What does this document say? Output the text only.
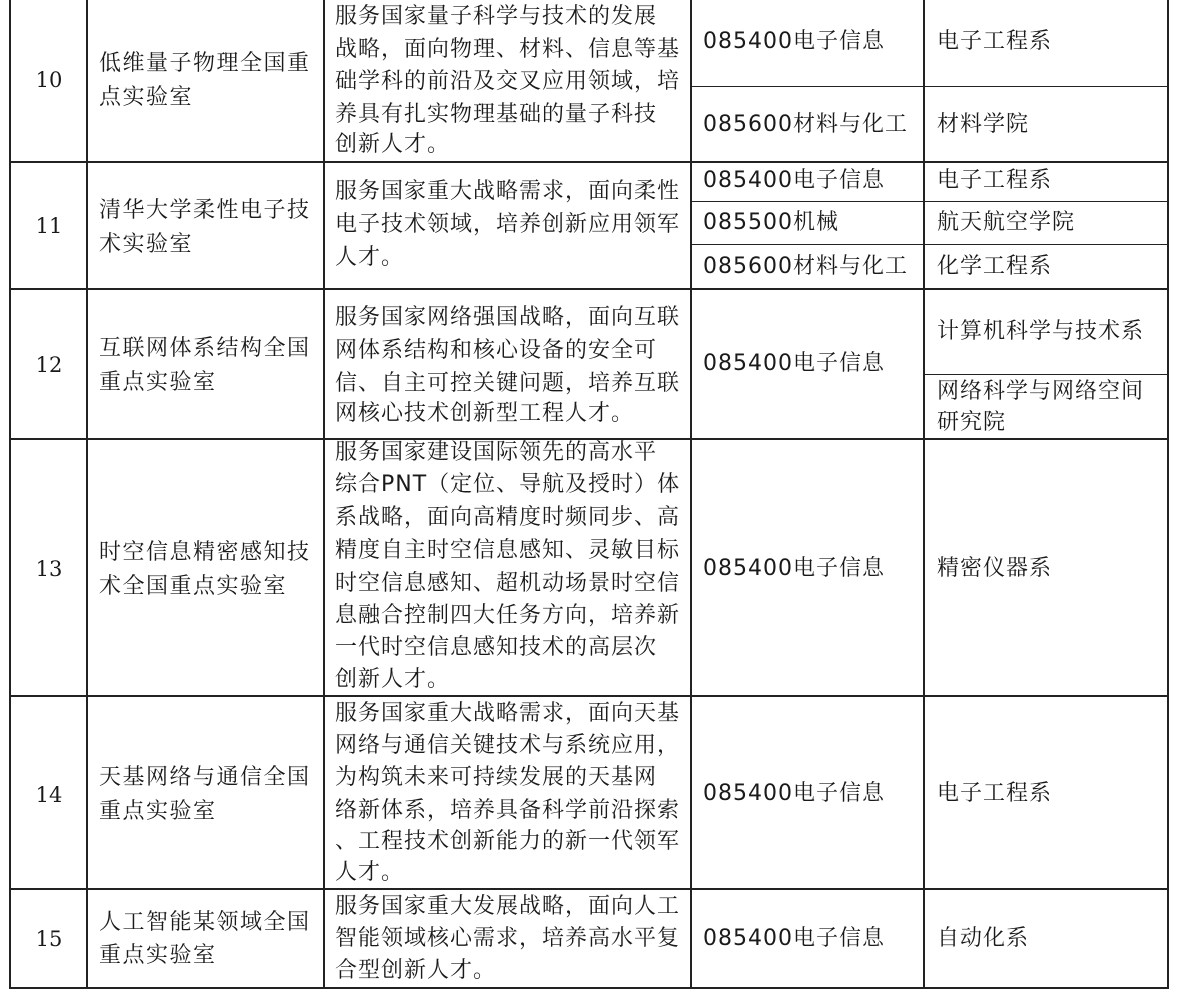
10
低维量子物理全国重
点实验室
服务国家量子科学与技术的发展
战略，面向物理、材料、信息等基
础学科的前沿及交叉应用领域，培
养具有扎实物理基础的量子科技
创新人才。
085400电子信息 电子工程系
085600材料与化工 材料学院
11
清华大学柔性电子技
术实验室
服务国家重大战略需求，面向柔性
电子技术领域，培养创新应用领军
人才。
085400电子信息 电子工程系
085500机械	航天航空学院
085600材料与化工 化学工程系
12
互联网体系结构全国
重点实验室
服务国家网络强国战略，面向互联
网体系结构和核心设备的安全可
信、自主可控关键问题，培养互联
网核心技术创新型工程人才。
085400电子信息
计算机科学与技术系
网络科学与网络空间
研究院
13
时空信息精密感知技
术全国重点实验室
服务国家建设国际领先的高水平
综合PNT（定位、导航及授时）体
系战略，面向高精度时频同步、高
精度自主时空信息感知、灵敏目标
时空信息感知、超机动场景时空信
息融合控制四大任务方向，培养新
一代时空信息感知技术的高层次
创新人才。
085400电子信息 精密仪器系
14
天基网络与通信全国
重点实验室
服务国家重大战略需求，面向天基
网络与通信关键技术与系统应用，
为构筑未来可持续发展的天基网
络新体系，培养具备科学前沿探索
、工程技术创新能力的新一代领军
人才。
085400电子信息 电子工程系
15
人工智能某领域全国
重点实验室
服务国家重大发展战略，面向人工
智能领域核心需求，培养高水平复
合型创新人才。
085400电子信息 自动化系
